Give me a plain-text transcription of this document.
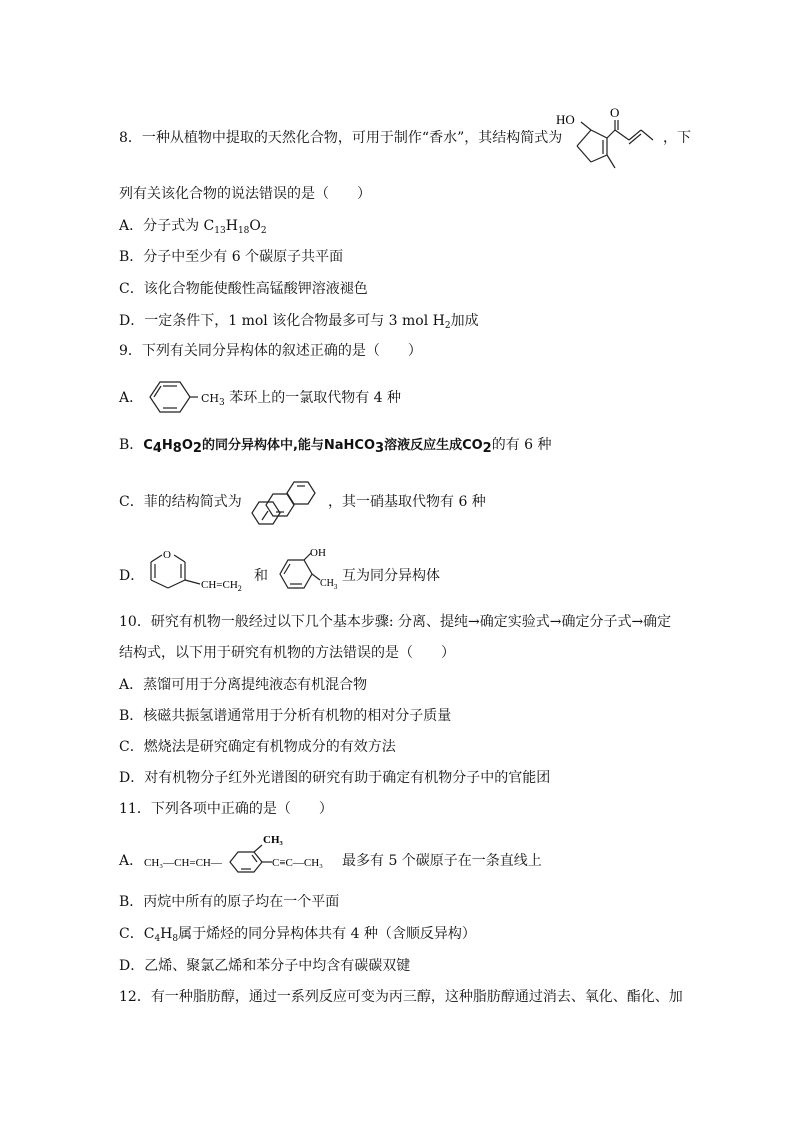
8．一种从植物中提取的天然化合物，可用于制作“香水”，其结构简式为
HO	O
，下
列有关该化合物的说法错误的是（　　）
A．分子式为 $C_{13}H_{18}O_2$
B．分子中至少有 6 个碳原子共平面
C．该化合物能使酸性高锰酸钾溶液褪色
D．一定条件下，1 mol 该化合物最多可与 3 mol $H_2$加成
9．下列有关同分异构体的叙述正确的是（　　）
A．	$CH_3$ 苯环上的一氯取代物有 4 种
B．$C_4H_8O_2$的同分异构体中,能与NaHCO$_3$溶液反应生成$CO_2$的有 6 种
C．菲的结构简式为	，其一硝基取代物有 6 种
D．
O
$CH=CH_2$
和
OH
$CH_3$
互为同分异构体
10．研究有机物一般经过以下几个基本步骤: 分离、提纯→确定实验式→确定分子式→确定
结构式，以下用于研究有机物的方法错误的是（　　）
A．蒸馏可用于分离提纯液态有机混合物
B．核磁共振氢谱通常用于分析有机物的相对分子质量
C．燃烧法是研究确定有机物成分的有效方法
D．对有机物分子红外光谱图的研究有助于确定有机物分子中的官能团
11．下列各项中正确的是（　　）
A． CH₃—CH=CH—
CH₃
C≡C—CH₃ 最多有 5 个碳原子在一条直线上
B．丙烷中所有的原子均在一个平面
C．$C_4H_8$属于烯烃的同分异构体共有 4 种（含顺反异构）
D．乙烯、聚氯乙烯和苯分子中均含有碳碳双键
12．有一种脂肪醇，通过一系列反应可变为丙三醇，这种脂肪醇通过消去、氧化、酯化、加
